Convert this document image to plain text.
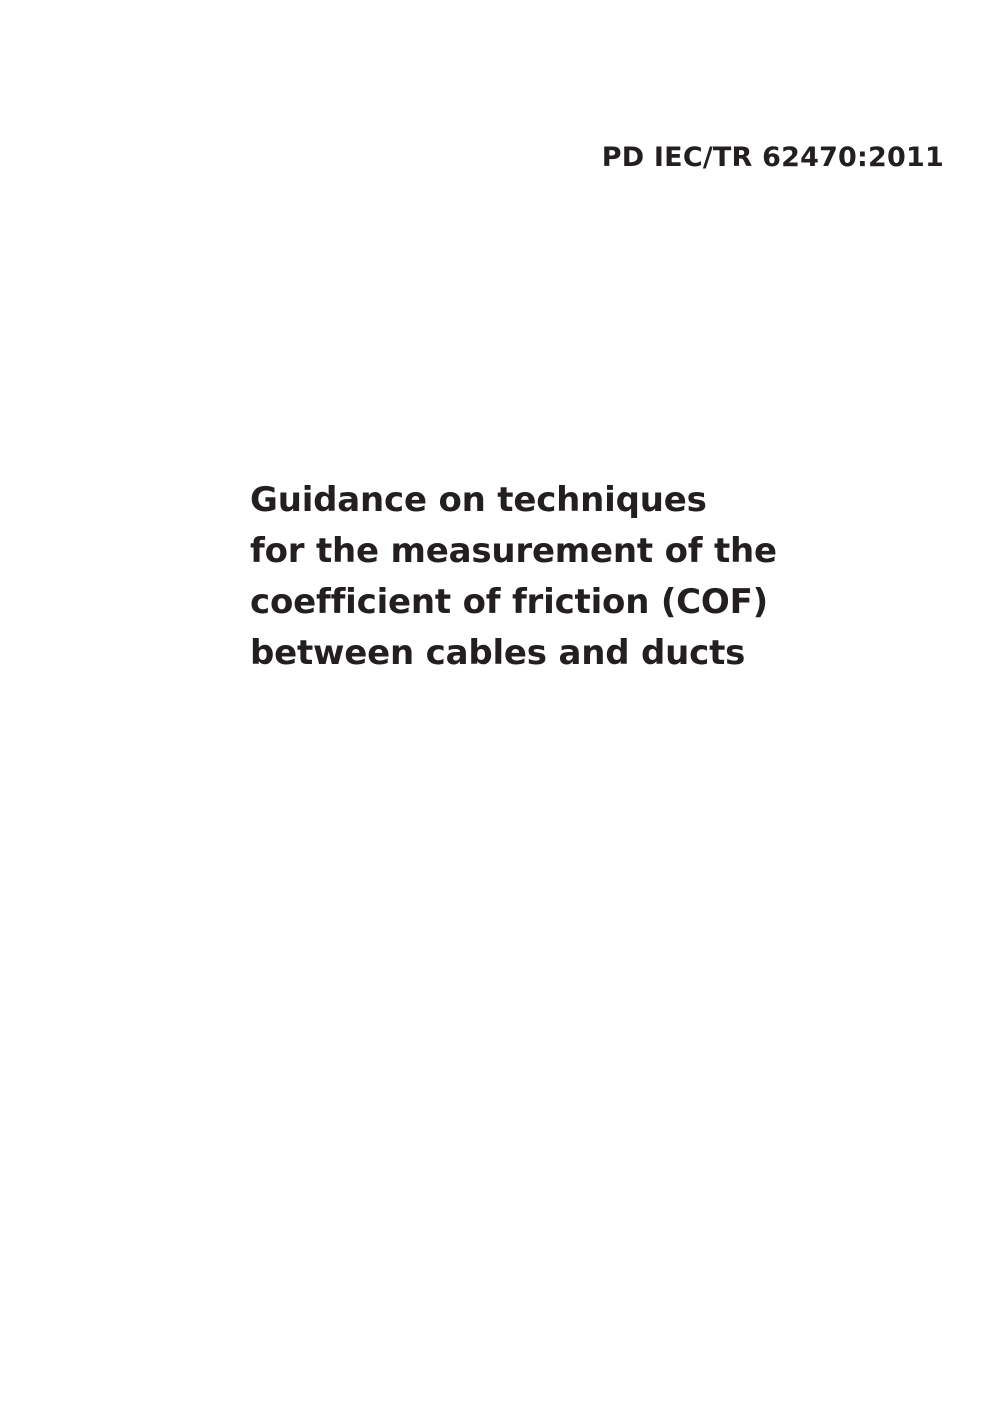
PD IEC/TR 62470:2011
Guidance on techniques
for the measurement of the
coefficient of friction (COF)
between cables and ducts
